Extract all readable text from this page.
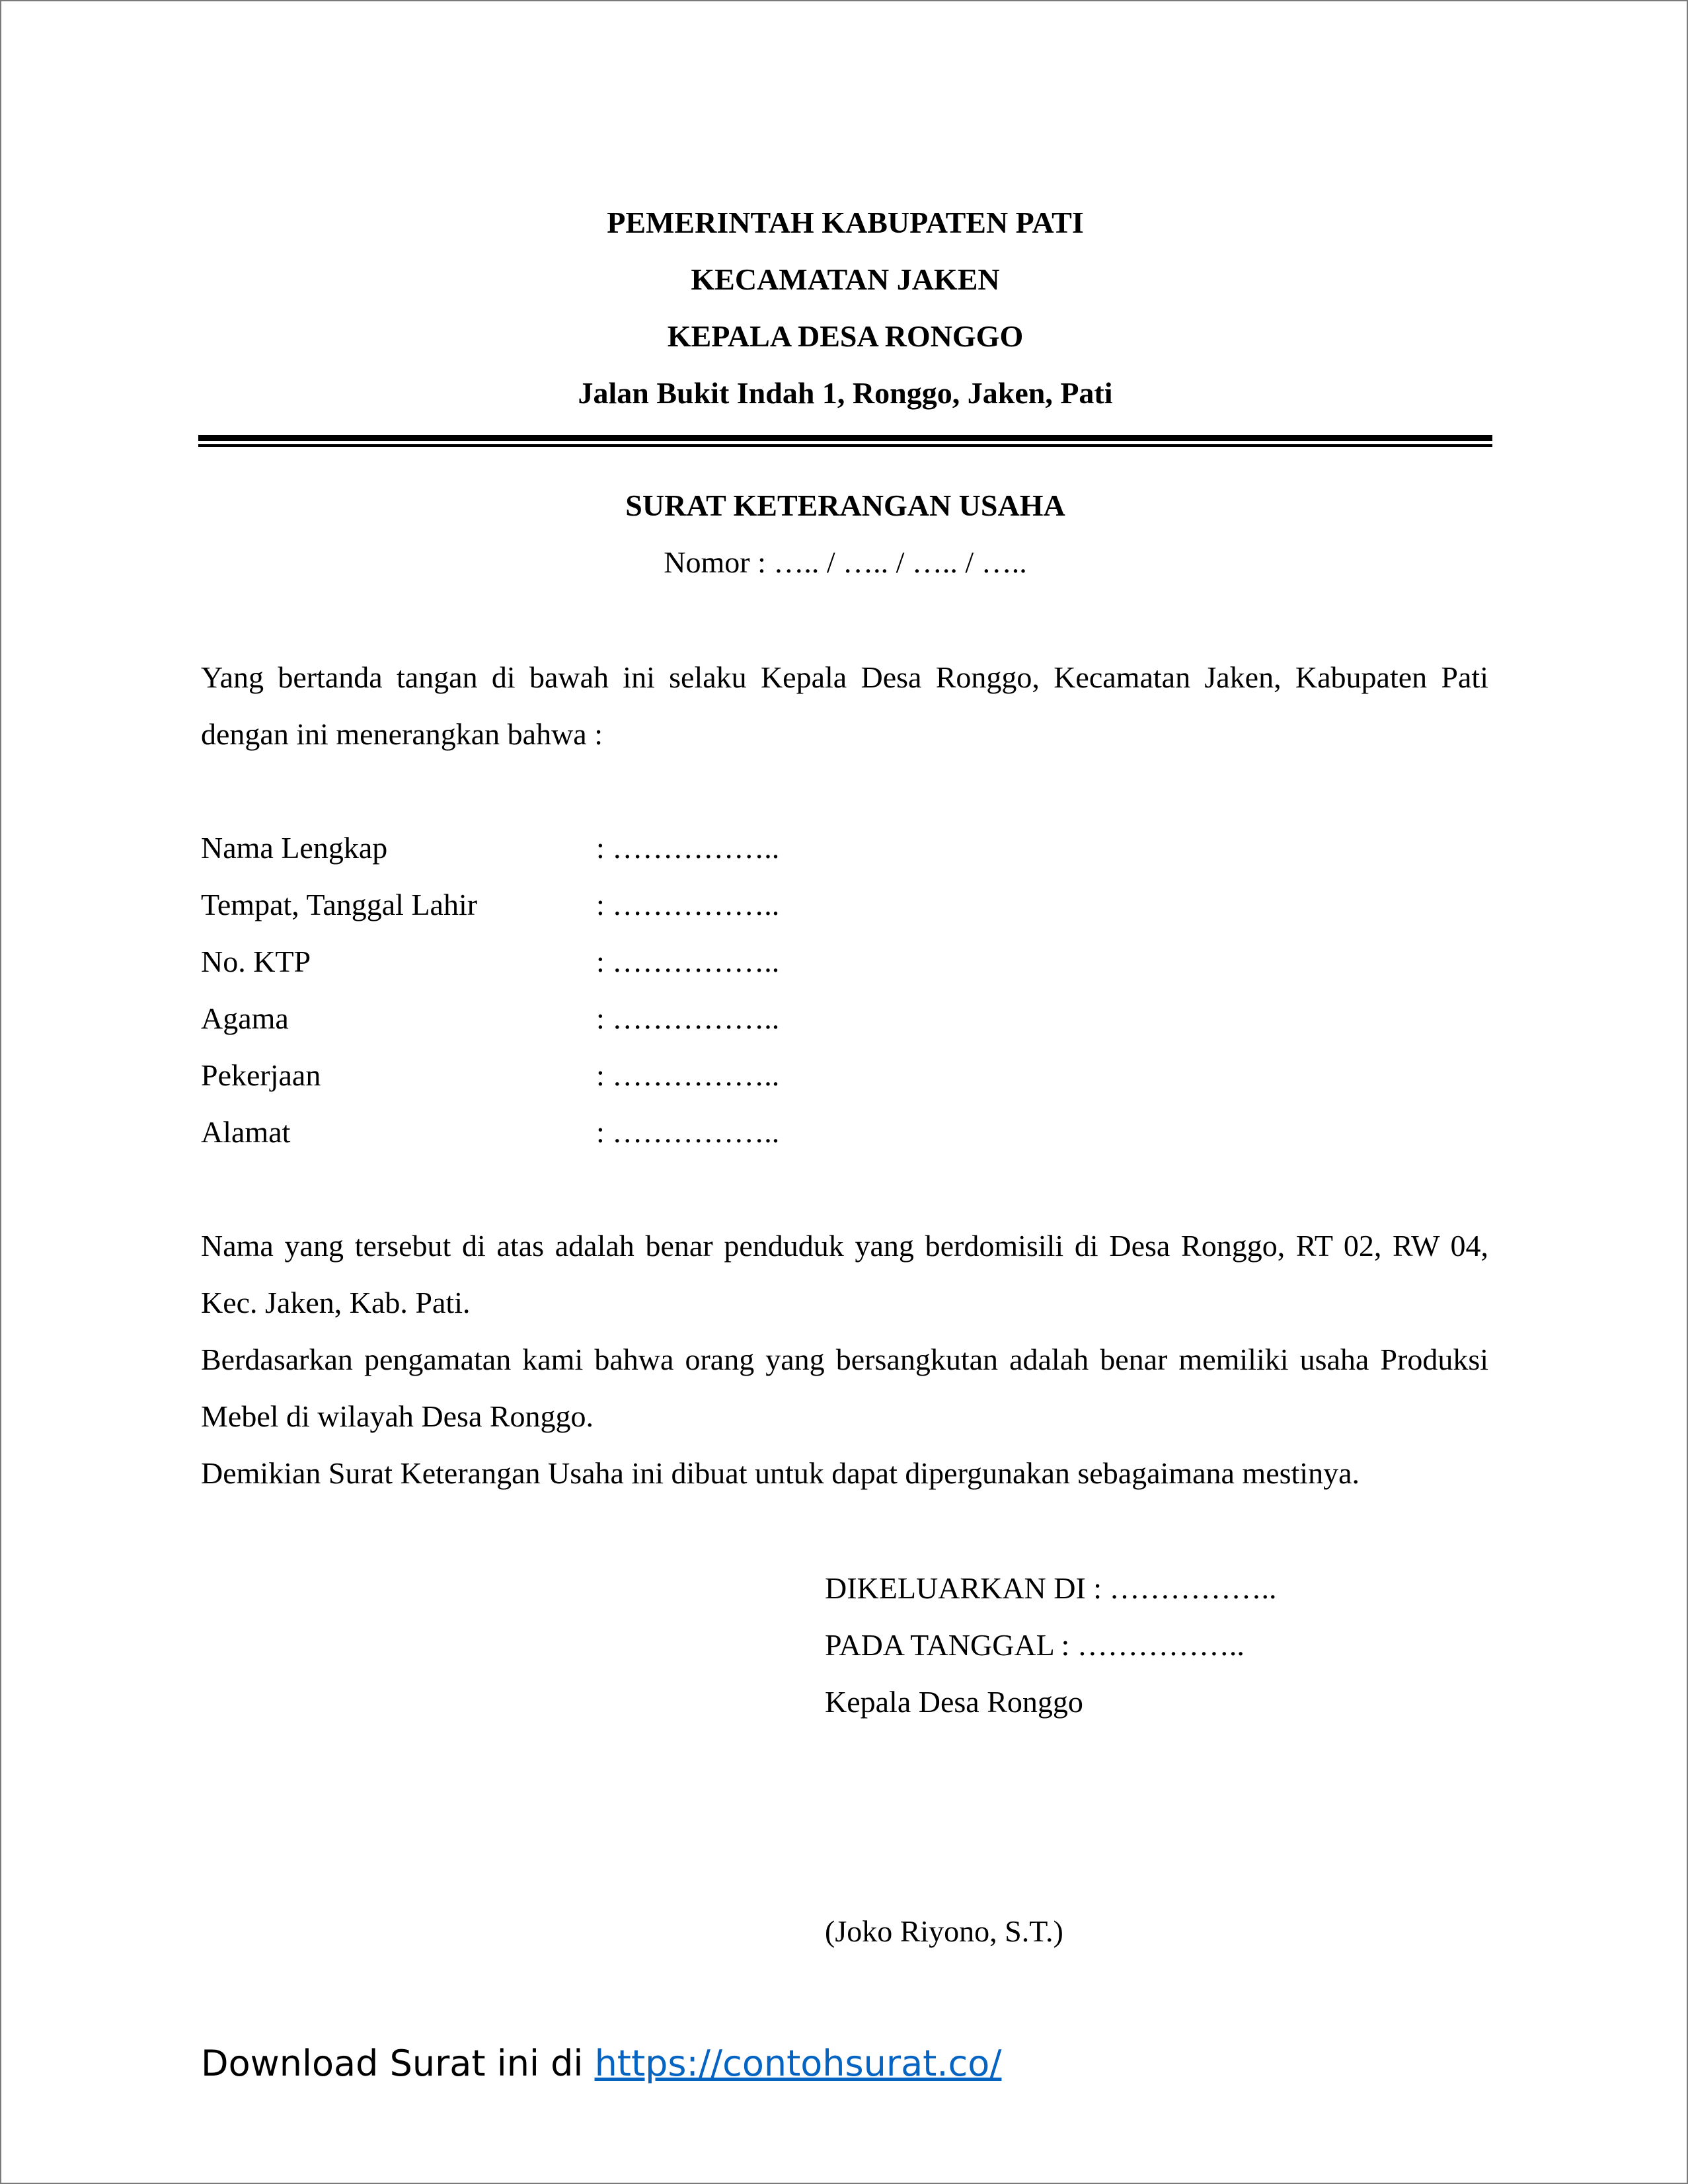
PEMERINTAH KABUPATEN PATI
KECAMATAN JAKEN
KEPALA DESA RONGGO
Jalan Bukit Indah 1, Ronggo, Jaken, Pati
SURAT KETERANGAN USAHA
Nomor : ….. / ….. / ….. / …..
Yang bertanda tangan di bawah ini selaku Kepala Desa Ronggo, Kecamatan Jaken, Kabupaten Pati dengan ini menerangkan bahwa :
Nama Lengkap	: ……………..
Tempat, Tanggal Lahir	: ……………..
No. KTP	: ……………..
Agama	: ……………..
Pekerjaan	: ……………..
Alamat	: ……………..
Nama yang tersebut di atas adalah benar penduduk yang berdomisili di Desa Ronggo, RT 02, RW 04, Kec. Jaken, Kab. Pati.
Berdasarkan pengamatan kami bahwa orang yang bersangkutan adalah benar memiliki usaha Produksi Mebel di wilayah Desa Ronggo.
Demikian Surat Keterangan Usaha ini dibuat untuk dapat dipergunakan sebagaimana mestinya.
DIKELUARKAN DI : ……………..
PADA TANGGAL : ……………..
Kepala Desa Ronggo
(Joko Riyono, S.T.)
Download Surat ini di https://contohsurat.co/
